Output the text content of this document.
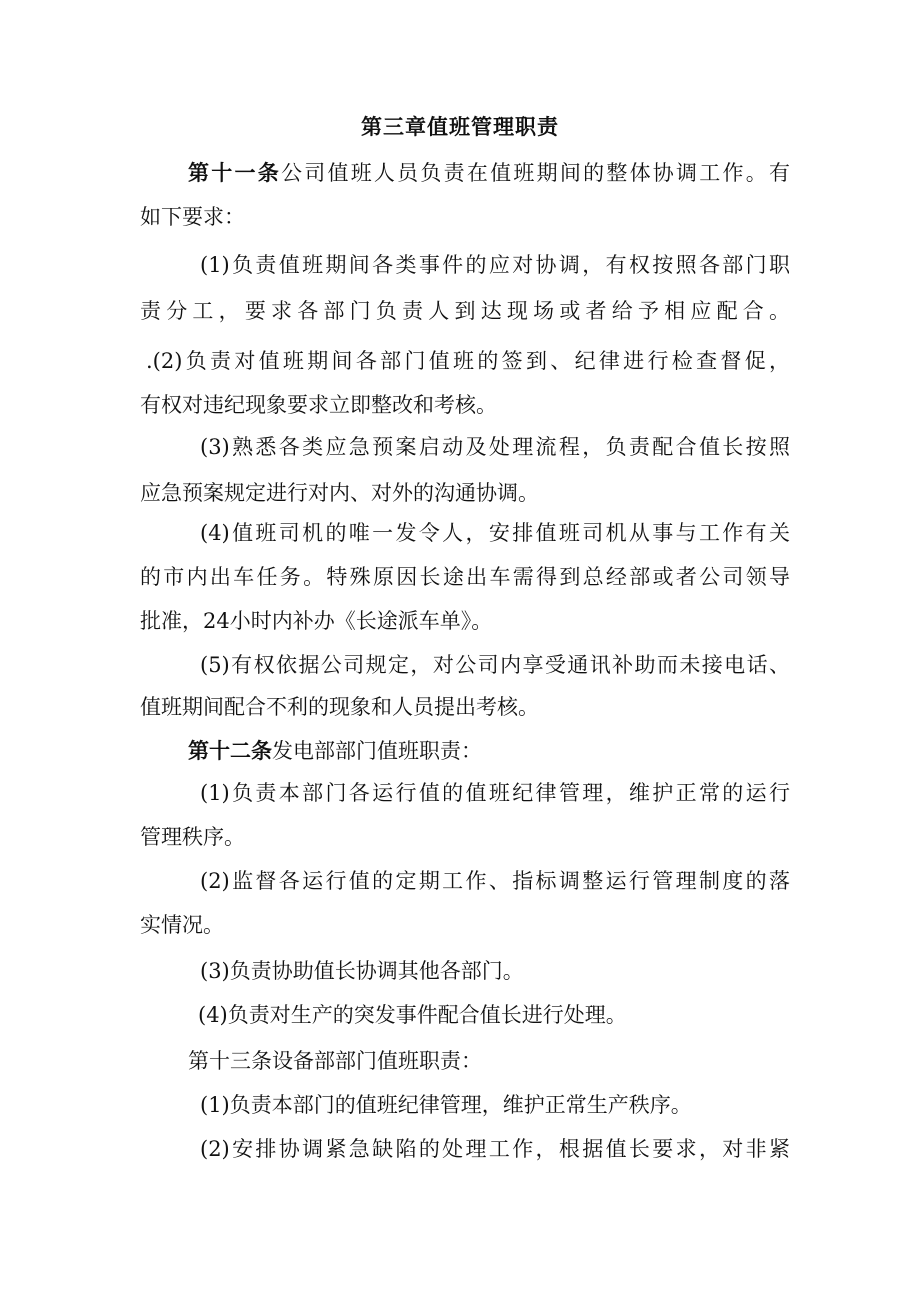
第三章值班管理职责
第十一条公司值班人员负责在值班期间的整体协调工作。有
如下要求：
(1)负责值班期间各类事件的应对协调，有权按照各部门职
责分工，要求各部门负责人到达现场或者给予相应配合。
.(2)负责对值班期间各部门值班的签到、纪律进行检查督促，
有权对违纪现象要求立即整改和考核。
(3)熟悉各类应急预案启动及处理流程，负责配合值长按照
应急预案规定进行对内、对外的沟通协调。
(4)值班司机的唯一发令人，安排值班司机从事与工作有关
的市内出车任务。特殊原因长途出车需得到总经部或者公司领导
批准，24小时内补办《长途派车单》。
(5)有权依据公司规定，对公司内享受通讯补助而未接电话、
值班期间配合不利的现象和人员提出考核。
第十二条发电部部门值班职责：
(1)负责本部门各运行值的值班纪律管理，维护正常的运行
管理秩序。
(2)监督各运行值的定期工作、指标调整运行管理制度的落
实情况。
(3)负责协助值长协调其他各部门。
(4)负责对生产的突发事件配合值长进行处理。
第十三条设备部部门值班职责：
(1)负责本部门的值班纪律管理，维护正常生产秩序。
(2)安排协调紧急缺陷的处理工作，根据值长要求，对非紧
